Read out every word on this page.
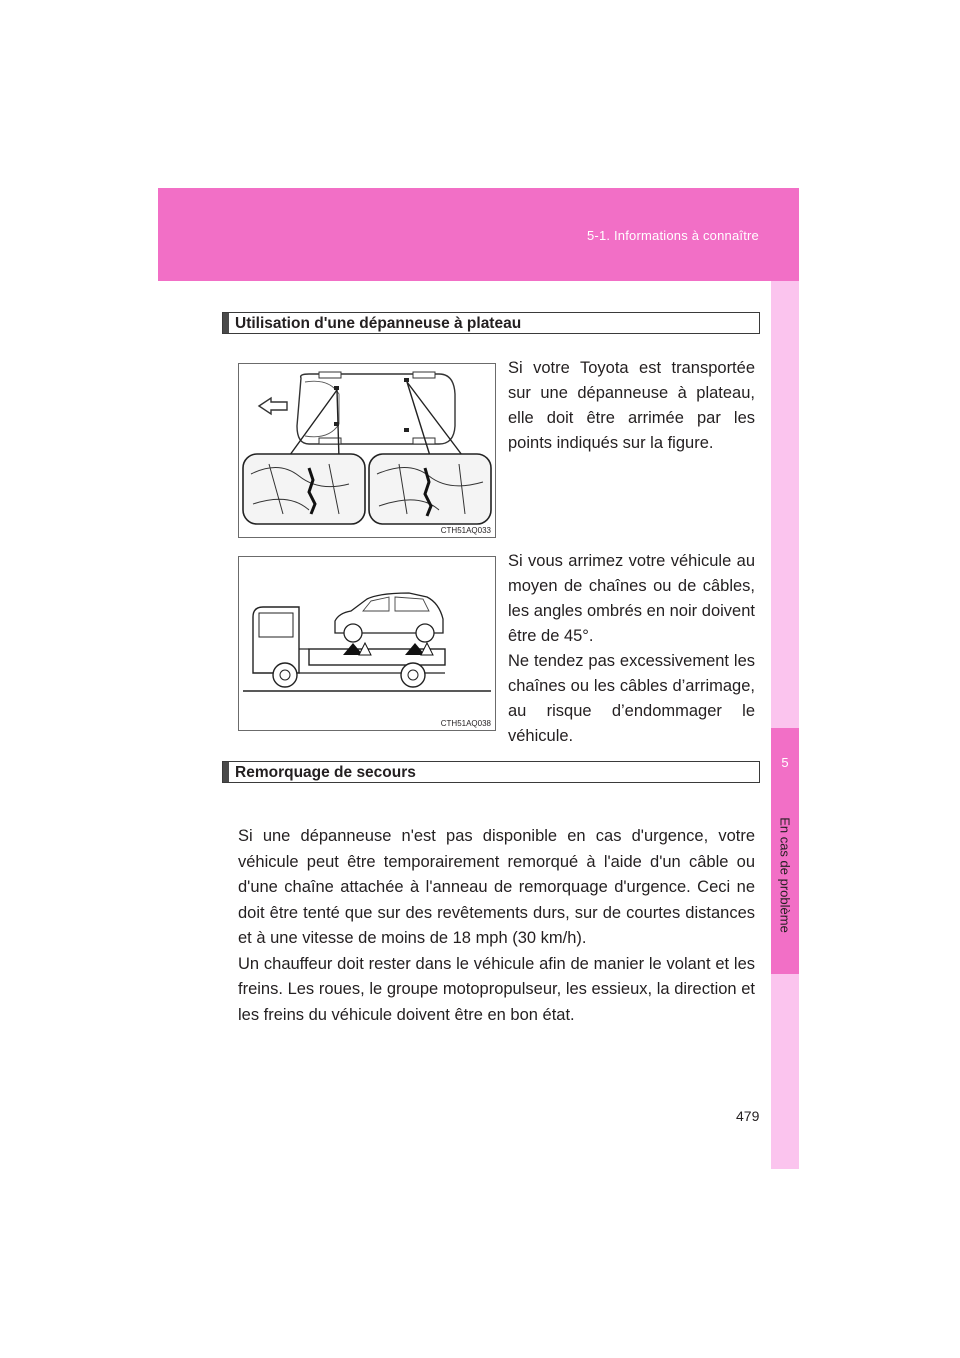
5-1. Informations à connaître
5
En cas de problème
Utilisation d'une dépanneuse à plateau
CTH51AQ033
Si votre Toyota est transportée sur une dépanneuse à plateau, elle doit être arrimée par les points indiqués sur la figure.
CTH51AQ038
Si vous arrimez votre véhicule au moyen de chaînes ou de câbles, les angles ombrés en noir doivent être de 45°.
Ne tendez pas excessivement les chaînes ou les câbles d’arrimage, au risque d’endommager le véhicule.
Remorquage de secours

Si une dépanneuse n'est pas disponible en cas d'urgence, votre véhicule peut être temporairement remorqué à l'aide d'un câble ou d'une chaîne attachée à l'anneau de remorquage d'urgence. Ceci ne doit être tenté que sur des revêtements durs, sur de courtes distances et à une vitesse de moins de 18 mph (30 km/h).

Un chauffeur doit rester dans le véhicule afin de manier le volant et les freins. Les roues, le groupe motopropulseur, les essieux, la direction et les freins du véhicule doivent être en bon état.

479
